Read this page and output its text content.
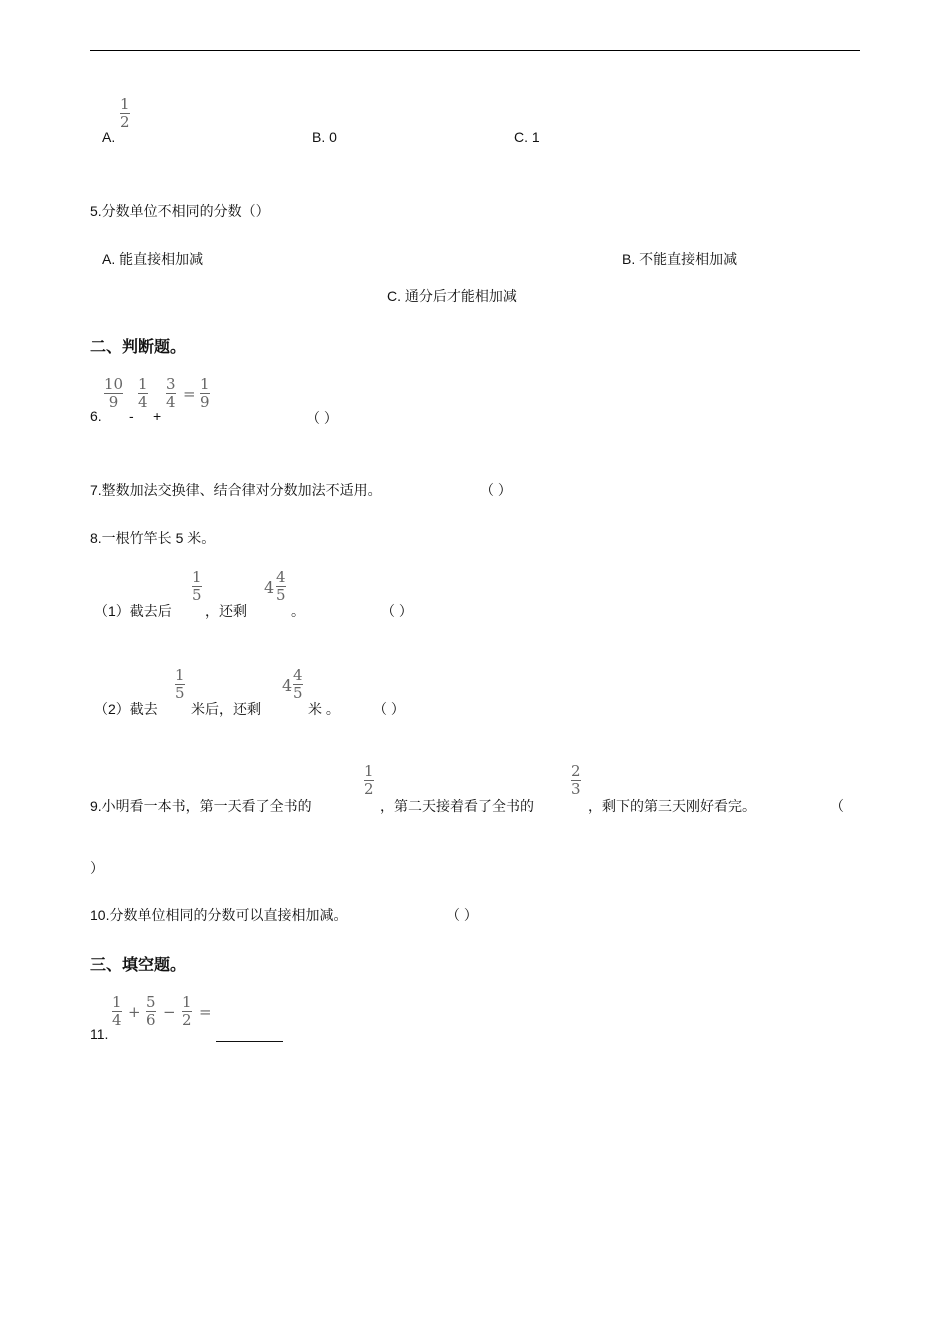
A.
1
2
B. 0	C. 1
5.分数单位不相同的分数（）
A. 能直接相加减	B. 不能直接相加减
C. 通分后才能相加减
二、判断题。
6.
10
9
-
1
4
+
3
4 =
1
9
（ ）
7.整数加法交换律、结合律对分数加法不适用。	（ ）
8.一根竹竿长 5 米。
（1）截去后
1
5
，还剩
4
4
5
。	（ ）
（2）截去
1
5
米后，还剩
4
4
5
米 。 （ ）
9.小明看一本书，第一天看了全书的
1
2
，第二天接着看了全书的
2
3
，剩下的第三天刚好看完。	（
）
10.分数单位相同的分数可以直接相加减。	（ ）
三、填空题。
11.
1
4 +
5
6 −
1
2 =
